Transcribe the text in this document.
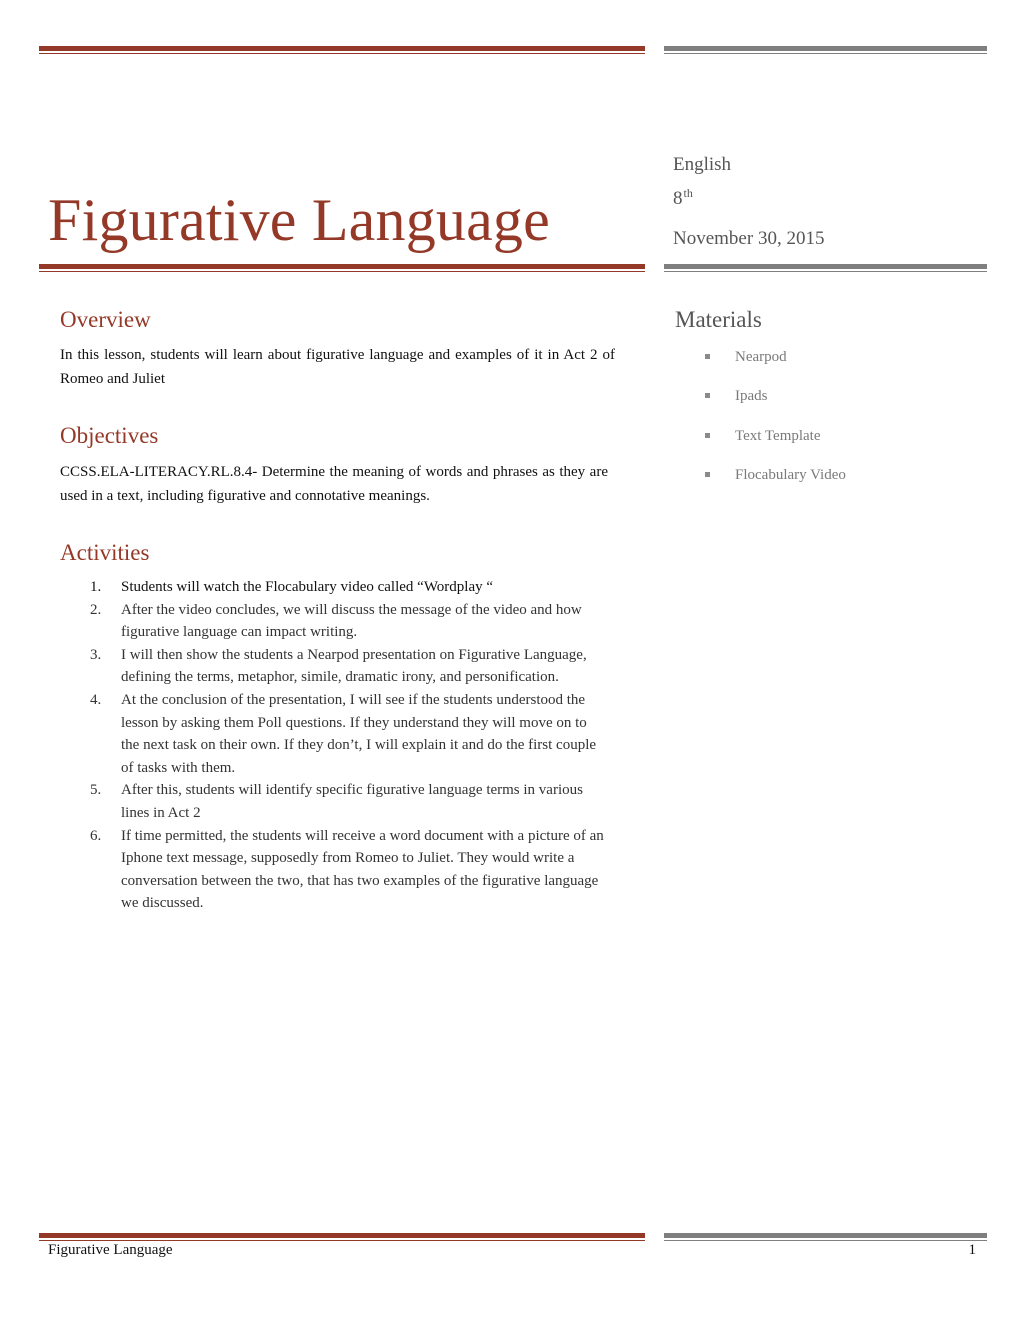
English
8th
November 30, 2015
Figurative Language
Overview

In this lesson, students will learn about figurative language and examples of it in Act 2 of Romeo and Juliet

Objectives

CCSS.ELA-LITERACY.RL.8.4- Determine the meaning of words and phrases as they are used in a text, including figurative and connotative meanings.

Activities
1. Students will watch the Flocabulary video called “Wordplay “
2. After the video concludes, we will discuss the message of the video and how figurative language can impact writing.
3. I will then show the students a Nearpod presentation on Figurative Language, defining the terms, metaphor, simile, dramatic irony, and personification.
4. At the conclusion of the presentation, I will see if the students understood the lesson by asking them Poll questions. If they understand they will move on to the next task on their own. If they don’t, I will explain it and do the first couple of tasks with them.
5. After this, students will identify specific figurative language terms in various lines in Act 2
6. If time permitted, the students will receive a word document with a picture of an Iphone text message, supposedly from Romeo to Juliet. They would write a conversation between the two, that has two examples of the figurative language we discussed.
Materials
Nearpod
Ipads
Text Template
Flocabulary Video
Figurative Language	1
